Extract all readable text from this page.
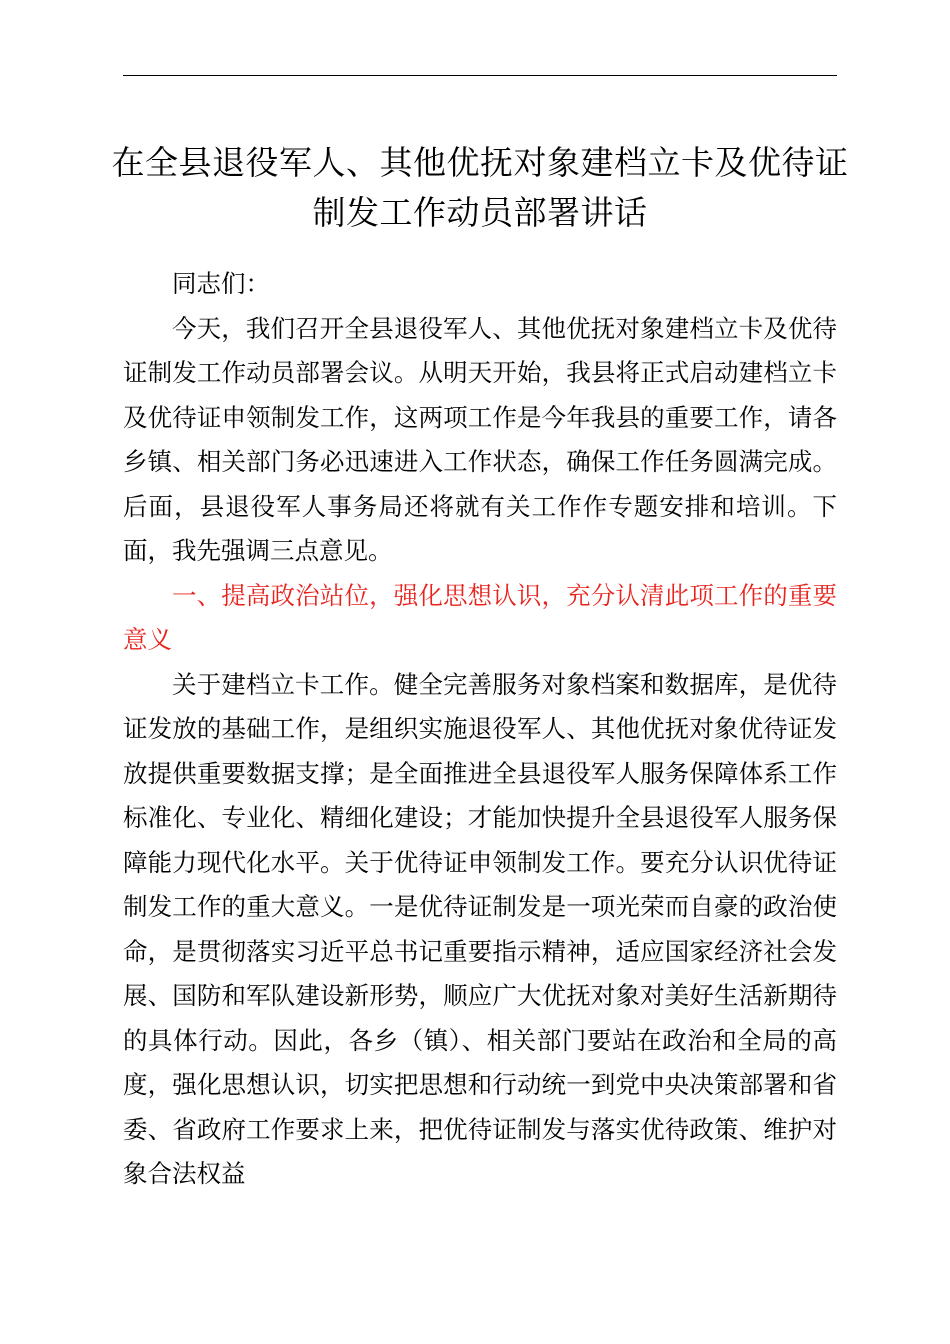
在全县退役军人、其他优抚对象建档立卡及优待证制发工作动员部署讲话

同志们：

今天，我们召开全县退役军人、其他优抚对象建档立卡及优待证制发工作动员部署会议。从明天开始，我县将正式启动建档立卡及优待证申领制发工作，这两项工作是今年我县的重要工作，请各乡镇、相关部门务必迅速进入工作状态，确保工作任务圆满完成。后面，县退役军人事务局还将就有关工作作专题安排和培训。下面，我先强调三点意见。

一、提高政治站位，强化思想认识，充分认清此项工作的重要意义

关于建档立卡工作。健全完善服务对象档案和数据库，是优待证发放的基础工作，是组织实施退役军人、其他优抚对象优待证发放提供重要数据支撑；是全面推进全县退役军人服务保障体系工作标准化、专业化、精细化建设；才能加快提升全县退役军人服务保障能力现代化水平。关于优待证申领制发工作。要充分认识优待证制发工作的重大意义。一是优待证制发是一项光荣而自豪的政治使命，是贯彻落实习近平总书记重要指示精神，适应国家经济社会发展、国防和军队建设新形势，顺应广大优抚对象对美好生活新期待的具体行动。因此，各乡（镇）、相关部门要站在政治和全局的高度，强化思想认识，切实把思想和行动统一到党中央决策部署和省委、省政府工作要求上来，把优待证制发与落实优待政策、维护对象合法权益
